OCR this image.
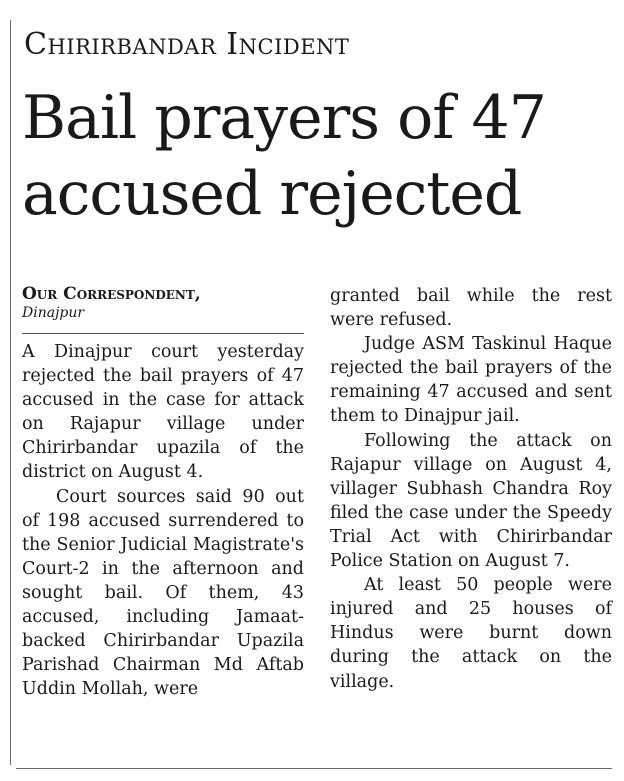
Chirirbandar Incident
Bail prayers of 47
accused rejected
Our Correspondent,
Dinajpur

A Dinajpur court yesterday rejected the bail prayers of 47 accused in the case for attack on Rajapur village under Chirirbandar upazila of the district on August 4.

Court sources said 90 out of 198 accused surrendered to the Senior Judicial Magistrate's Court-2 in the afternoon and sought bail. Of them, 43 accused, including Jamaat-backed Chirirbandar Upazila Parishad Chairman Md Aftab Uddin Mollah, were

granted bail while the rest were refused.

Judge ASM Taskinul Haque rejected the bail prayers of the remaining 47 accused and sent them to Dinajpur jail.

Following the attack on Rajapur village on August 4, villager Subhash Chandra Roy filed the case under the Speedy Trial Act with Chirirbandar Police Station on August 7.

At least 50 people were injured and 25 houses of Hindus were burnt down during the attack on the village.
